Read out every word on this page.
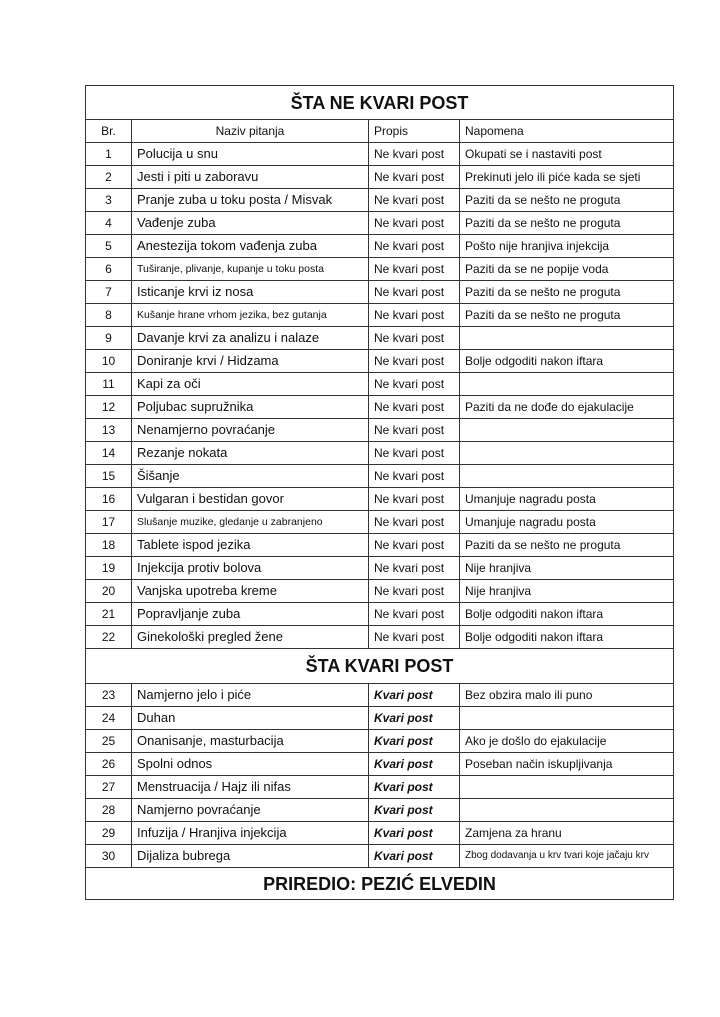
ŠTA NE KVARI POST			
Br.	Naziv pitanja	Propis	Napomena
1	Polucija u snu	Ne kvari post	Okupati se i nastaviti post
2	Jesti i piti u zaboravu	Ne kvari post	Prekinuti jelo ili piće kada se sjeti
3	Pranje zuba u toku posta / Misvak	Ne kvari post	Paziti da se nešto ne proguta
4	Vađenje zuba	Ne kvari post	Paziti da se nešto ne proguta
5	Anestezija tokom vađenja zuba	Ne kvari post	Pošto nije hranjiva injekcija
6	Tuširanje, plivanje, kupanje u toku posta	Ne kvari post	Paziti da se ne popije voda
7	Isticanje krvi iz nosa	Ne kvari post	Paziti da se nešto ne proguta
8	Kušanje hrane vrhom jezika, bez gutanja	Ne kvari post	Paziti da se nešto ne proguta
9	Davanje krvi za analizu i nalaze	Ne kvari post	
10	Doniranje krvi / Hidzama	Ne kvari post	Bolje odgoditi nakon iftara
11	Kapi za oči	Ne kvari post	
12	Poljubac supružnika	Ne kvari post	Paziti da ne dođe do ejakulacije
13	Nenamjerno povraćanje	Ne kvari post	
14	Rezanje nokata	Ne kvari post	
15	Šišanje	Ne kvari post	
16	Vulgaran i bestidan govor	Ne kvari post	Umanjuje nagradu posta
17	Slušanje muzike, gledanje u zabranjeno	Ne kvari post	Umanjuje nagradu posta
18	Tablete ispod jezika	Ne kvari post	Paziti da se nešto ne proguta
19	Injekcija protiv bolova	Ne kvari post	Nije hranjiva
20	Vanjska upotreba kreme	Ne kvari post	Nije hranjiva
21	Popravljanje zuba	Ne kvari post	Bolje odgoditi nakon iftara
22	Ginekološki pregled žene	Ne kvari post	Bolje odgoditi nakon iftara
ŠTA KVARI POST			
23	Namjerno jelo i piće	Kvari post	Bez obzira malo ili puno
24	Duhan	Kvari post	
25	Onanisanje, masturbacija	Kvari post	Ako je došlo do ejakulacije
26	Spolni odnos	Kvari post	Poseban način iskupljivanja
27	Menstruacija / Hajz ili nifas	Kvari post	
28	Namjerno povraćanje	Kvari post	
29	Infuzija / Hranjiva injekcija	Kvari post	Zamjena za hranu
30	Dijaliza bubrega	Kvari post	Zbog dodavanja u krv tvari koje jačaju krv
PRIREDIO: PEZIĆ ELVEDIN			
